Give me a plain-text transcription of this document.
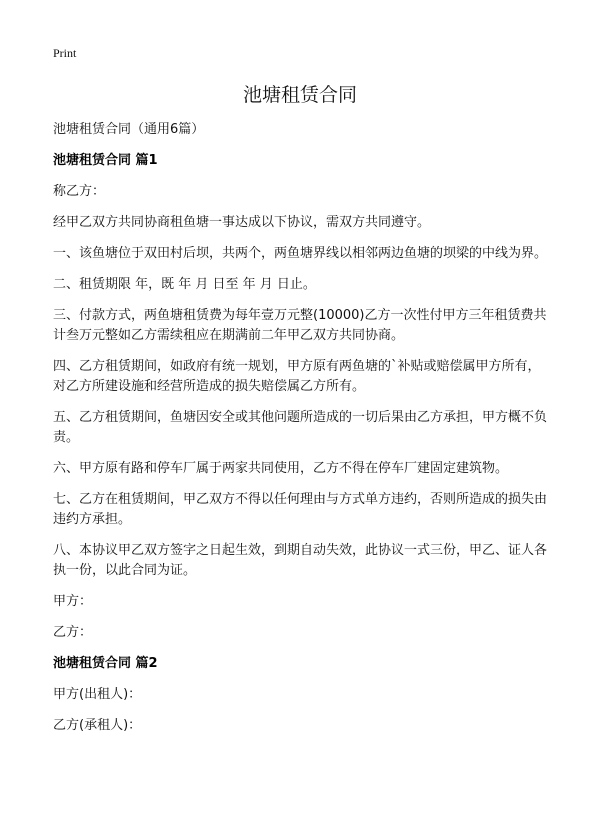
Print
池塘租赁合同

池塘租赁合同（通用6篇）

池塘租赁合同 篇1

称乙方：

经甲乙双方共同协商租鱼塘一事达成以下协议，需双方共同遵守。

一、该鱼塘位于双田村后坝，共两个，两鱼塘界线以相邻两边鱼塘的坝梁的中线为界。

二、租赁期限 年，既 年 月 日至 年 月 日止。

三、付款方式，两鱼塘租赁费为每年壹万元整(10000)乙方一次性付甲方三年租赁费共计叁万元整如乙方需续租应在期满前二年甲乙双方共同协商。

四、乙方租赁期间，如政府有统一规划，甲方原有两鱼塘的`补贴或赔偿属甲方所有，对乙方所建设施和经营所造成的损失赔偿属乙方所有。

五、乙方租赁期间，鱼塘因安全或其他问题所造成的一切后果由乙方承担，甲方概不负责。

六、甲方原有路和停车厂属于两家共同使用，乙方不得在停车厂建固定建筑物。

七、乙方在租赁期间，甲乙双方不得以任何理由与方式单方违约，否则所造成的损失由违约方承担。

八、本协议甲乙双方签字之日起生效，到期自动失效，此协议一式三份，甲乙、证人各执一份，以此合同为证。

甲方：

乙方：

池塘租赁合同 篇2

甲方(出租人)：

乙方(承租人)：
